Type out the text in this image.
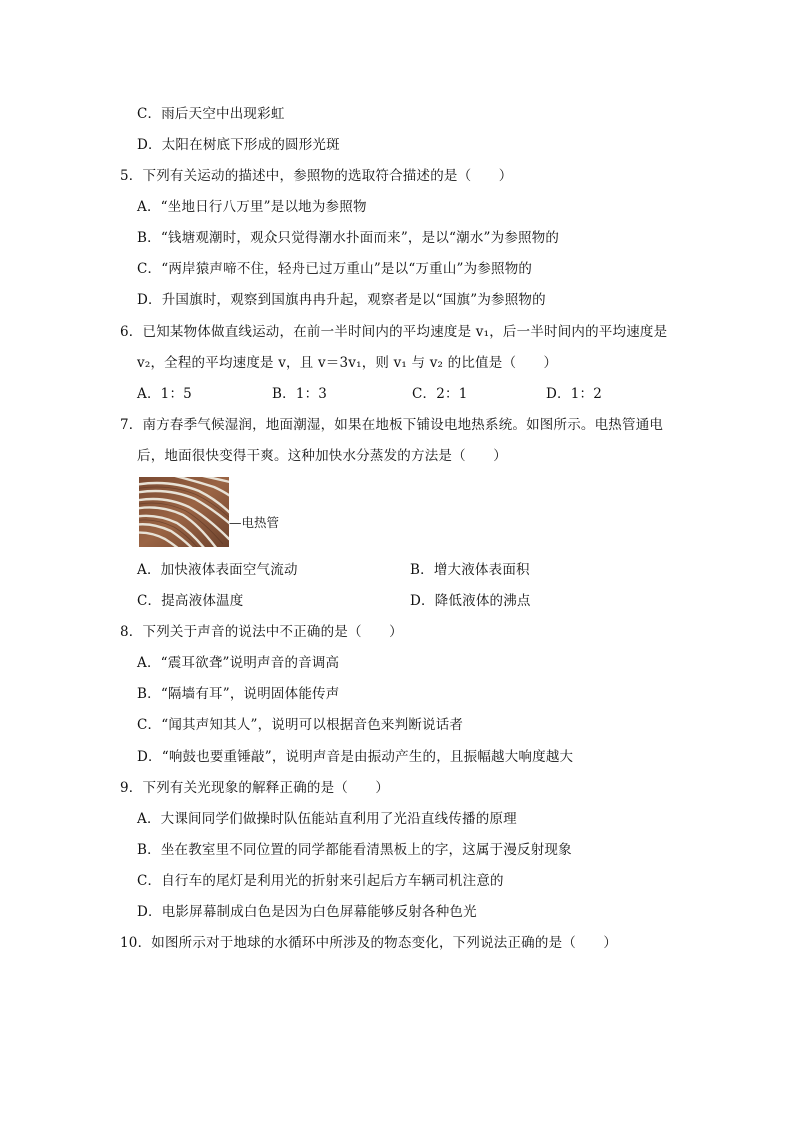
C．雨后天空中出现彩虹
D．太阳在树底下形成的圆形光斑
5．下列有关运动的描述中，参照物的选取符合描述的是（　　）
A．“坐地日行八万里”是以地为参照物
B．“钱塘观潮时，观众只觉得潮水扑面而来”，是以“潮水”为参照物的
C．“两岸猿声啼不住，轻舟已过万重山”是以“万重山”为参照物的
D．升国旗时，观察到国旗冉冉升起，观察者是以“国旗”为参照物的
6．已知某物体做直线运动，在前一半时间内的平均速度是 v₁，后一半时间内的平均速度是
v₂，全程的平均速度是 v，且 v＝3v₁，则 v₁ 与 v₂ 的比值是（　　）
A．1：5	B．1：3	C．2：1	D．1：2
7．南方春季气候湿润，地面潮湿，如果在地板下铺设电地热系统。如图所示。电热管通电
后，地面很快变得干爽。这种加快水分蒸发的方法是（　　）
—电热管
A．加快液体表面空气流动	B．增大液体表面积
C．提高液体温度	D．降低液体的沸点
8．下列关于声音的说法中不正确的是（　　）
A．“震耳欲聋”说明声音的音调高
B．“隔墙有耳”，说明固体能传声
C．“闻其声知其人”，说明可以根据音色来判断说话者
D．“响鼓也要重锤敲”，说明声音是由振动产生的，且振幅越大响度越大
9．下列有关光现象的解释正确的是（　　）
A．大课间同学们做操时队伍能站直利用了光沿直线传播的原理
B．坐在教室里不同位置的同学都能看清黑板上的字，这属于漫反射现象
C．自行车的尾灯是利用光的折射来引起后方车辆司机注意的
D．电影屏幕制成白色是因为白色屏幕能够反射各种色光
10．如图所示对于地球的水循环中所涉及的物态变化，下列说法正确的是（　　）
